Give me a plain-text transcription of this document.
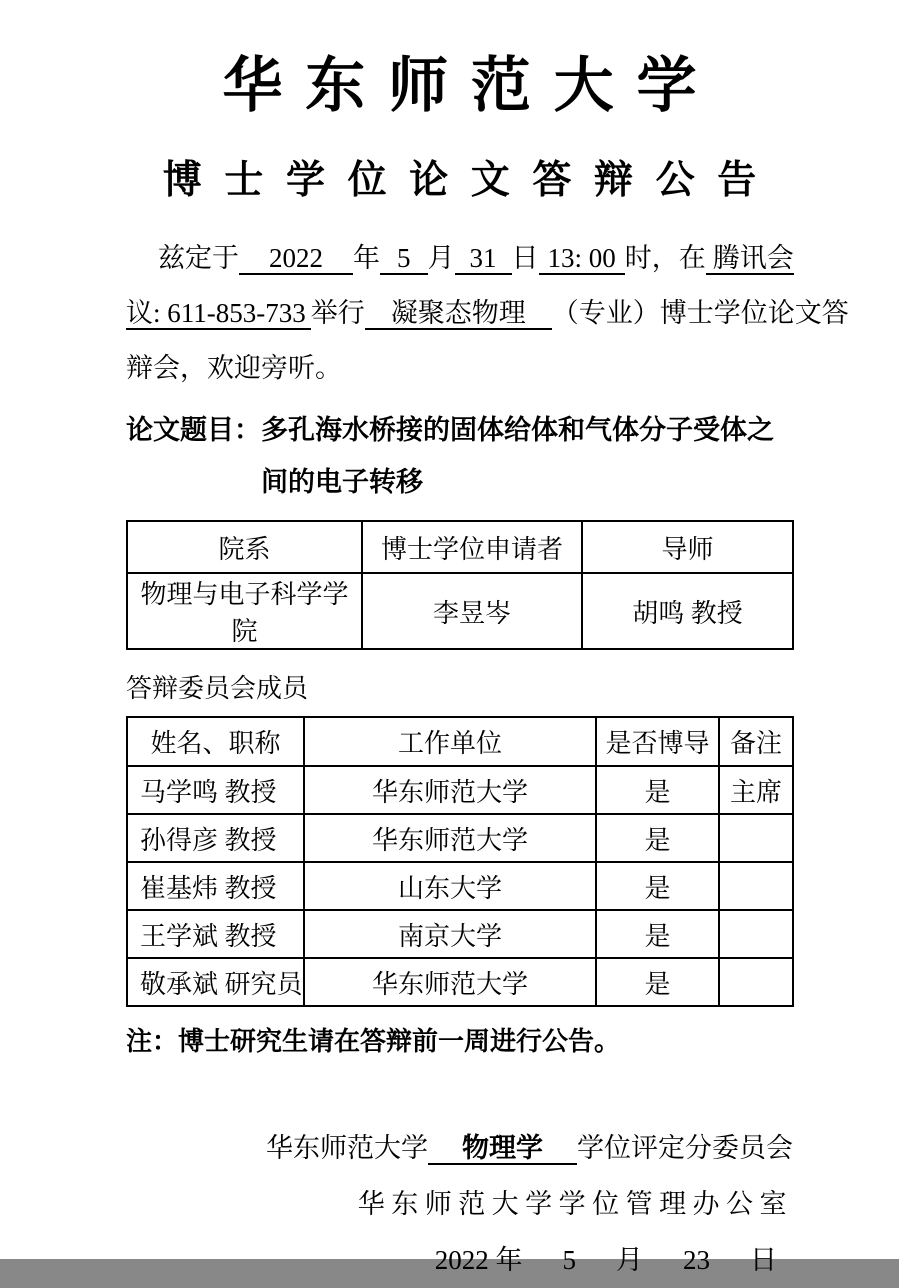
华东师范大学
博士学位论文答辩公告
兹定于 2022 年 5 月 31 日 13: 00 时，在 腾讯会
议: 611-853-733 举行 凝聚态物理 （专业）博士学位论文答
辩会，欢迎旁听。
论文题目： 多孔海水桥接的固体给体和气体分子受体之间的电子转移
院系	博士学位申请者	导师
物理与电子科学学院	李昱岑	胡鸣 教授
答辩委员会成员
姓名、职称	工作单位	是否博导	备注
马学鸣 教授	华东师范大学	是	主席
孙得彦 教授	华东师范大学	是	
崔基炜 教授	山东大学	是	
王学斌 教授	南京大学	是	
敬承斌 研究员	华东师范大学	是	
注：博士研究生请在答辩前一周进行公告。
华东师范大学 物理学 学位评定分委员会
华东师范大学学位管理办公室
2022 年 5 月 23 日
